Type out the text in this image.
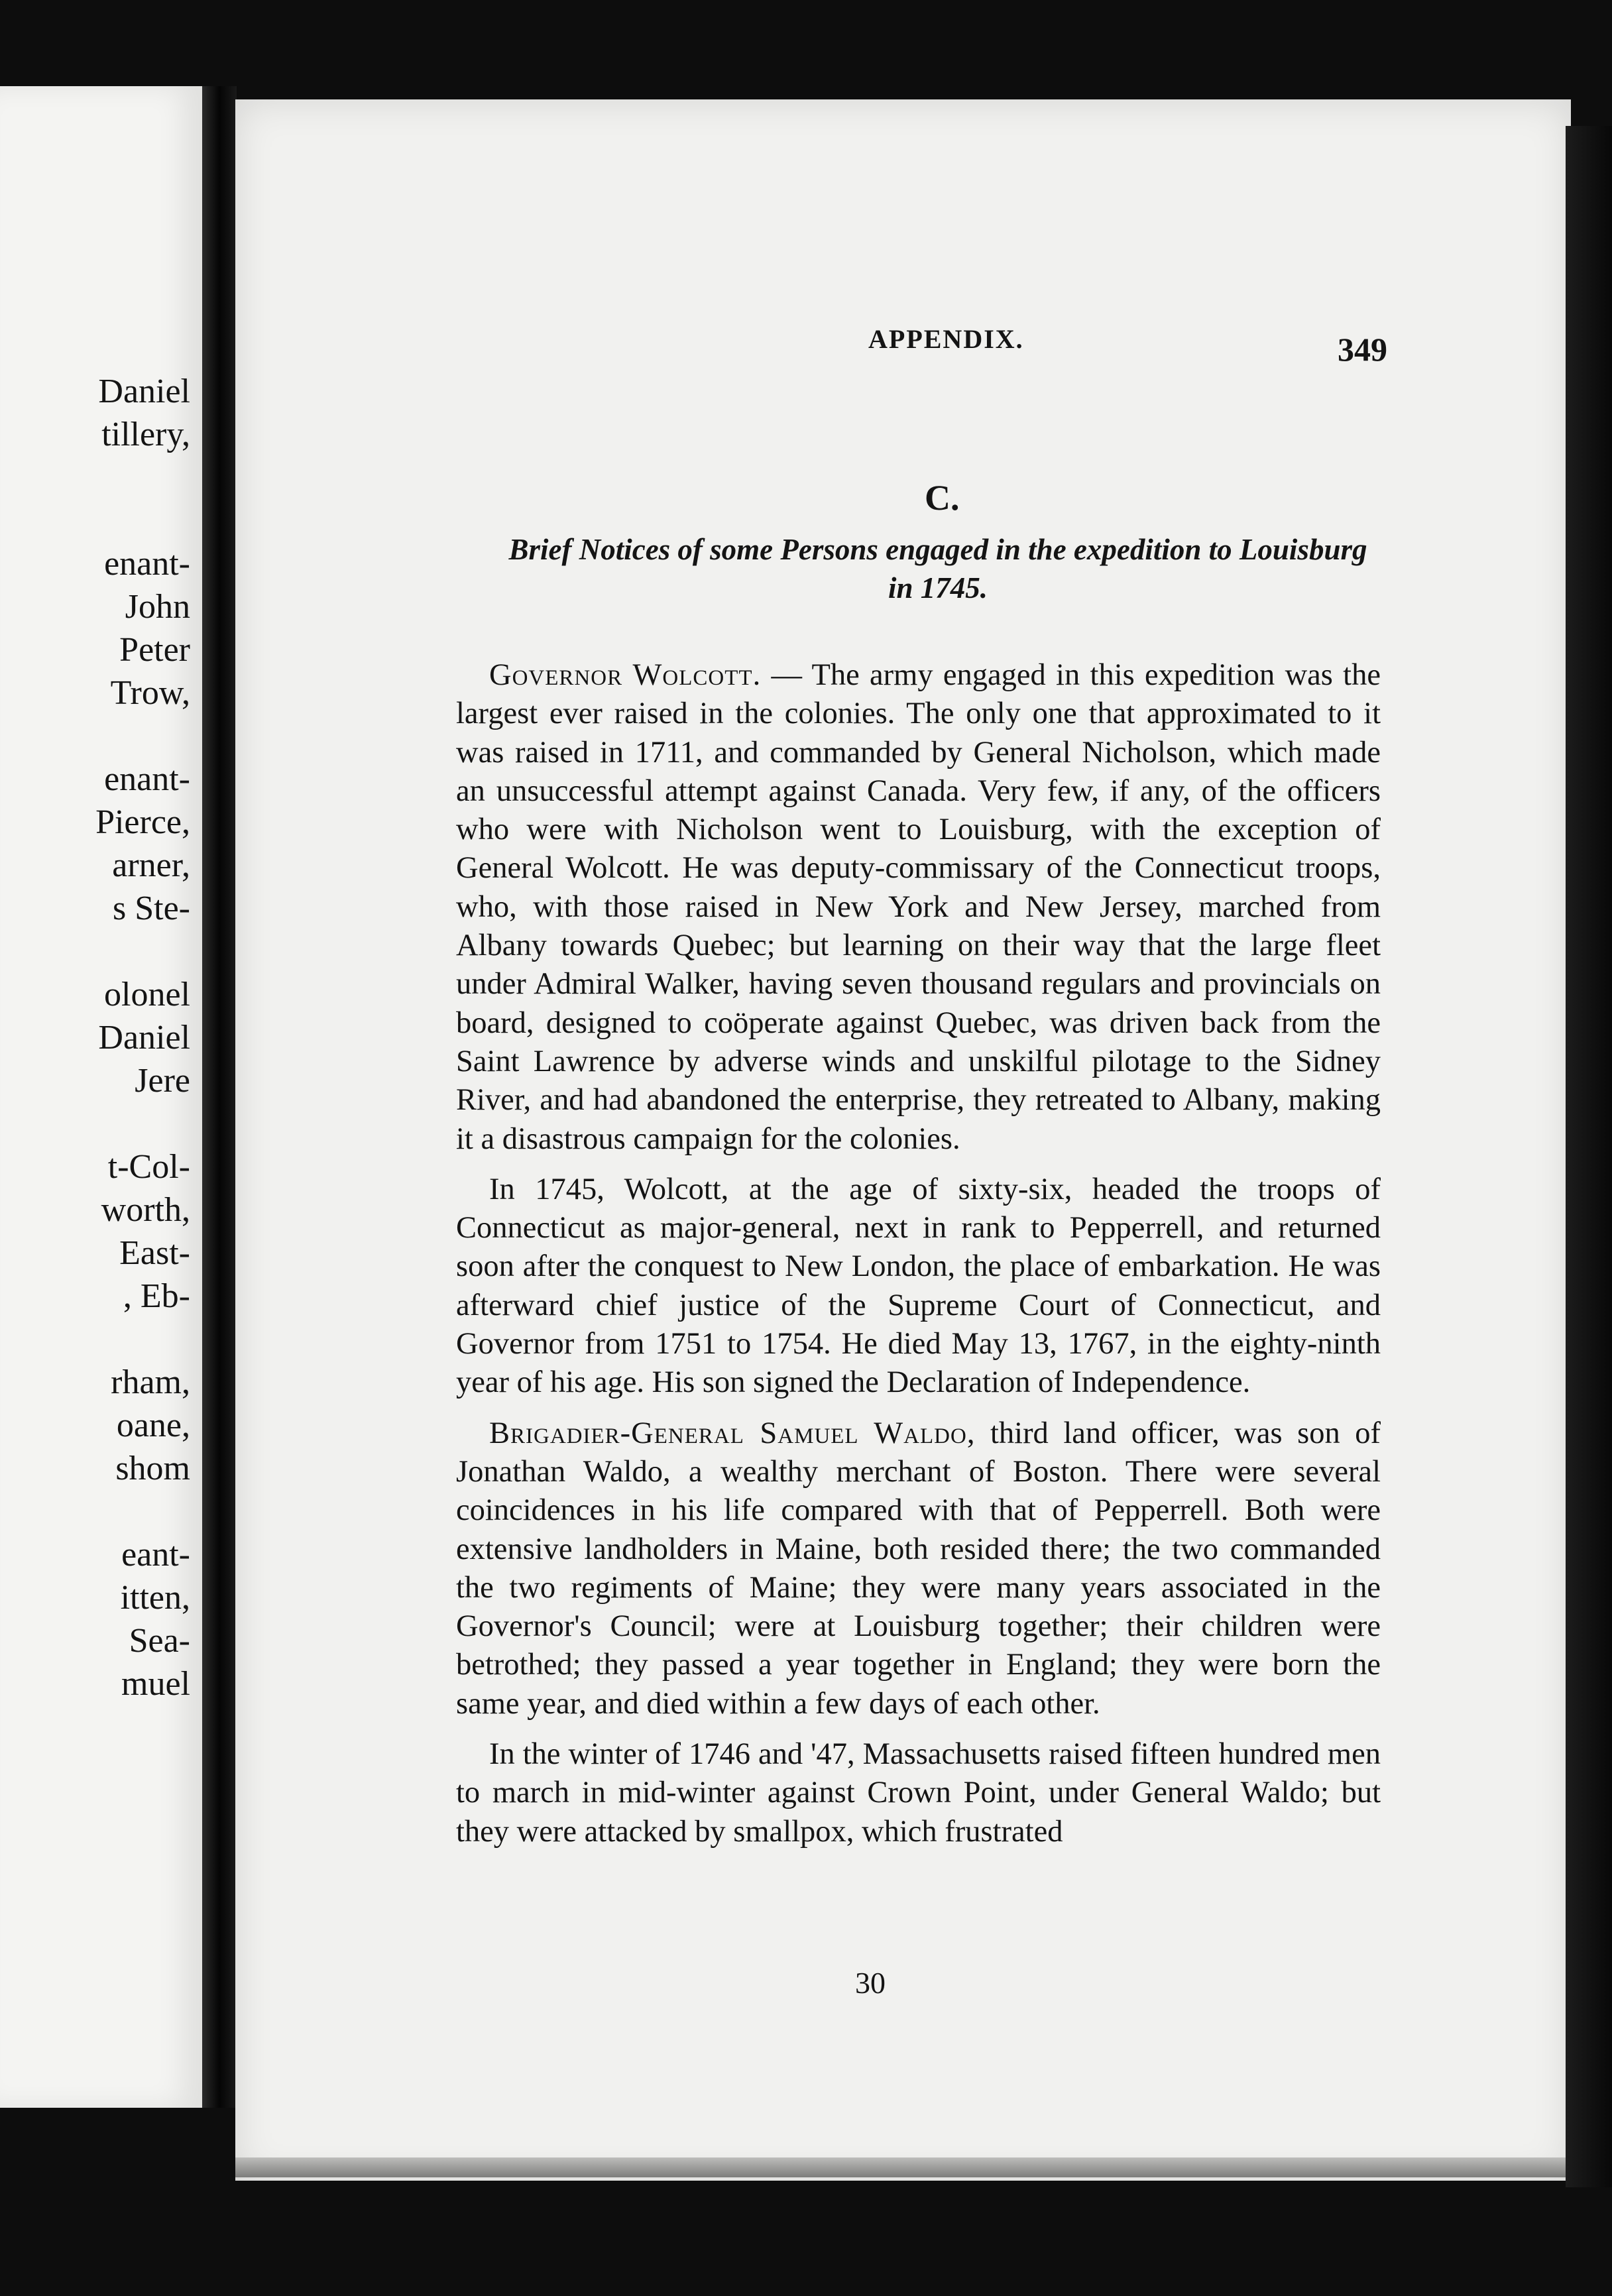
Daniel
tillery,
enant-
John
Peter
Trow,
enant-
Pierce,
arner,
s Ste-
olonel
Daniel
Jere
t-Col-
worth,
East-
, Eb-
rham,
oane,
shom
eant-
itten,
Sea-
muel
APPENDIX.	349
C.
Brief Notices of some Persons engaged in the expedition to Louisburg
in 1745.

Governor Wolcott. — The army engaged in this expedition was the largest ever raised in the colonies. The only one that approximated to it was raised in 1711, and commanded by General Nicholson, which made an unsuccessful attempt against Canada. Very few, if any, of the officers who were with Nicholson went to Louisburg, with the exception of General Wolcott. He was deputy-commissary of the Connecticut troops, who, with those raised in New York and New Jersey, marched from Albany towards Quebec; but learning on their way that the large fleet under Admiral Walker, having seven thousand regulars and provincials on board, designed to coöperate against Quebec, was driven back from the Saint Lawrence by adverse winds and unskilful pilotage to the Sidney River, and had abandoned the enterprise, they retreated to Albany, making it a disastrous campaign for the colonies.

In 1745, Wolcott, at the age of sixty-six, headed the troops of Connecticut as major-general, next in rank to Pepperrell, and returned soon after the conquest to New London, the place of embarkation. He was afterward chief justice of the Supreme Court of Connecticut, and Governor from 1751 to 1754. He died May 13, 1767, in the eighty-ninth year of his age. His son signed the Declaration of Independence.

Brigadier-General Samuel Waldo, third land officer, was son of Jonathan Waldo, a wealthy merchant of Boston. There were several coincidences in his life compared with that of Pepperrell. Both were extensive landholders in Maine, both resided there; the two commanded the two regiments of Maine; they were many years associated in the Governor's Council; were at Louisburg together; their children were betrothed; they passed a year together in England; they were born the same year, and died within a few days of each other.

In the winter of 1746 and '47, Massachusetts raised fifteen hundred men to march in mid-winter against Crown Point, under General Waldo; but they were attacked by smallpox, which frustrated

30
